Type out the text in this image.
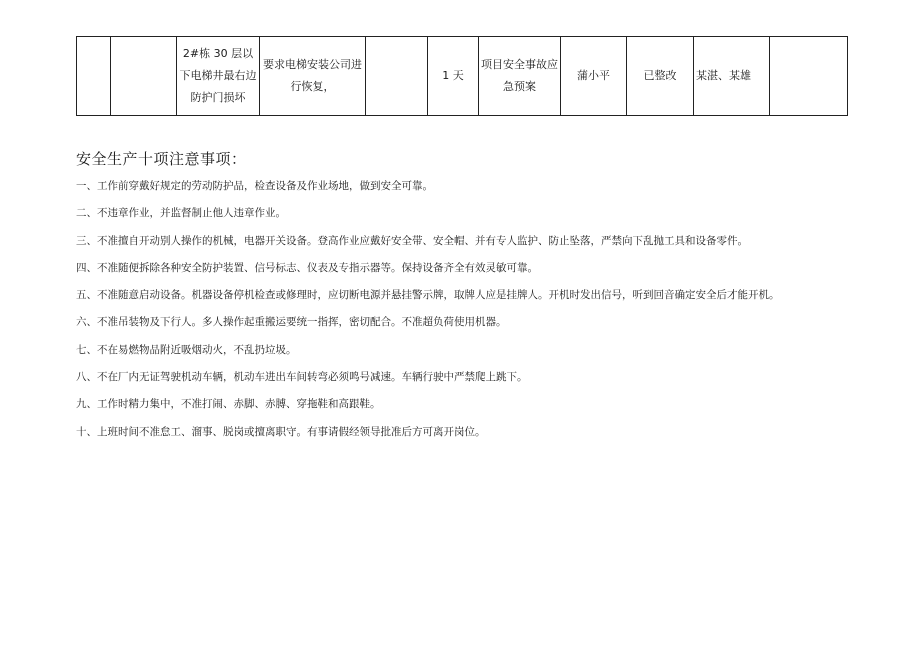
		2#栋 30 层以下电梯井最右边防护门损坏	要求电梯安装公司进行恢复，		1 天	项目安全事故应急预案	蒲小平	已整改	某湛、某雄	
安全生产十项注意事项：
一、工作前穿戴好规定的劳动防护品，检查设备及作业场地，做到安全可靠。
二、不违章作业，并监督制止他人违章作业。
三、不准擅自开动别人操作的机械，电器开关设备。登高作业应戴好安全带、安全帽、并有专人监护、防止坠落，严禁向下乱抛工具和设备零件。
四、不准随便拆除各种安全防护装置、信号标志、仪表及专指示器等。保持设备齐全有效灵敏可靠。
五、不准随意启动设备。机器设备停机检查或修理时，应切断电源并悬挂警示牌，取牌人应是挂牌人。开机时发出信号，听到回音确定安全后才能开机。
六、不准吊装物及下行人。多人操作起重搬运要统一指挥，密切配合。不准超负荷使用机器。
七、不在易燃物品附近吸烟动火，不乱扔垃圾。
八、不在厂内无证驾驶机动车辆，机动车进出车间转弯必须鸣号减速。车辆行驶中严禁爬上跳下。
九、工作时精力集中，不准打闹、赤脚、赤膊、穿拖鞋和高跟鞋。
十、上班时间不准怠工、溜事、脱岗或擅离职守。有事请假经领导批准后方可离开岗位。
